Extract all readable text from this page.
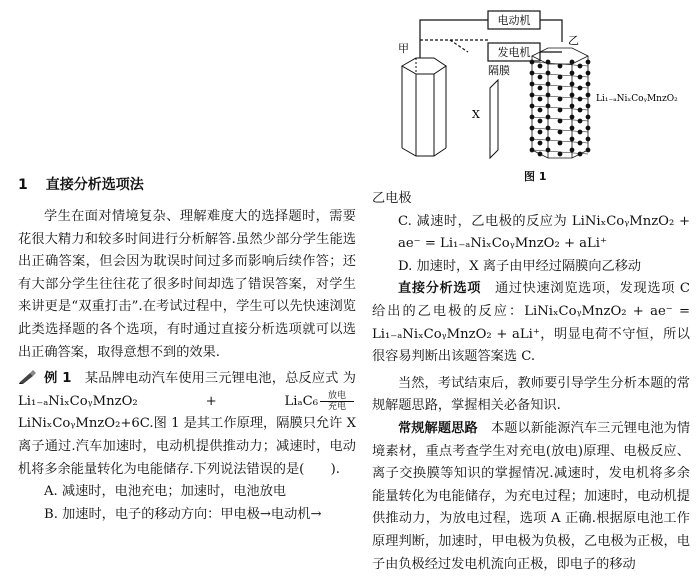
电动机
发电机
甲
隔膜
X
乙
Li₁₋ₐNiₓCoᵧMnzO₂
图 1
1 直接分析选项法

学生在面对情境复杂、理解难度大的选择题时，需要花很大精力和较多时间进行分析解答.虽然少部分学生能选出正确答案，但会因为耽误时间过多而影响后续作答；还有大部分学生往往花了很多时间却选了错误答案，对学生来讲更是“双重打击”.在考试过程中，学生可以先快速浏览此类选择题的各个选项，有时通过直接分析选项就可以选出正确答案，取得意想不到的效果.

例 1　 某品牌电动汽车使用三元锂电池，总反应式 为　Li₁₋ₐNiₓCoᵧMnzO₂　+　$Li_aC_6 \frac{\text{放电}}{\text{充电}}$
LiNiₓCoᵧMnzO₂+6C.图 1 是其工作原理，隔膜只允许 X 离子通过.汽车加速时，电动机提供推动力；减速时，电动机将多余能量转化为电能储存.下列说法错误的是(　　).

A. 减速时，电池充电；加速时，电池放电

B. 加速时，电子的移动方向：甲电极→电动机→

乙电极

C. 减速时，乙电极的反应为 LiNiₓCoᵧMnzO₂ + ae⁻ = Li₁₋ₐNiₓCoᵧMnzO₂ + aLi⁺

D. 加速时，X 离子由甲经过隔膜向乙移动

直接分析选项　通过快速浏览选项，发现选项 C 给出的乙电极的反应：LiNiₓCoᵧMnzO₂ + ae⁻ = Li₁₋ₐNiₓCoᵧMnzO₂ + aLi⁺，明显电荷不守恒，所以很容易判断出该题答案选 C.

当然，考试结束后，教师要引导学生分析本题的常规解题思路，掌握相关必备知识.

常规解题思路　本题以新能源汽车三元锂电池为情境素材，重点考查学生对充电(放电)原理、电极反应、离子交换膜等知识的掌握情况.减速时，发电机将多余能量转化为电能储存，为充电过程；加速时，电动机提供推动力，为放电过程，选项 A 正确.根据原电池工作原理判断，加速时，甲电极为负极，乙电极为正极，电子由负极经过发电机流向正极，即电子的移动
